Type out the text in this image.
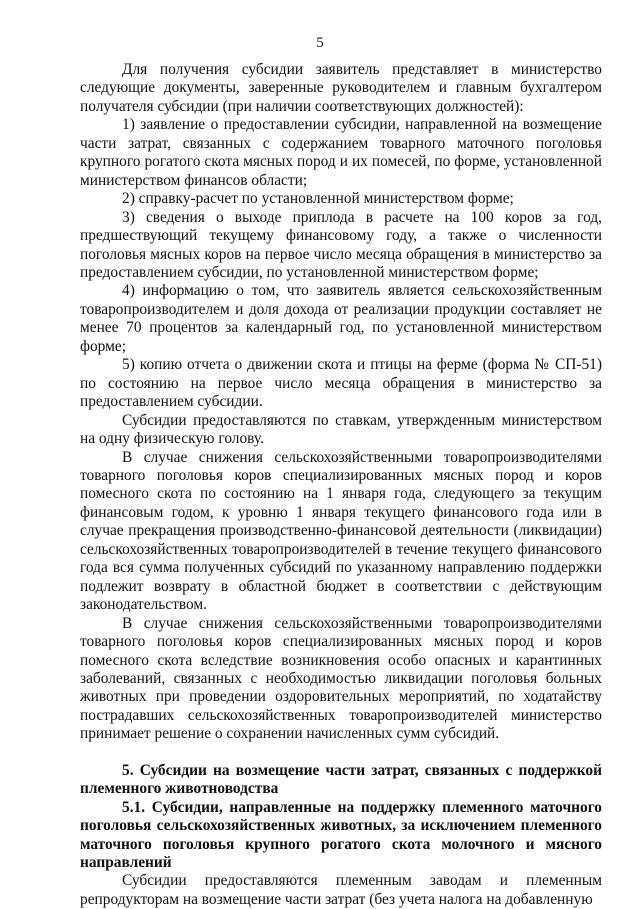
5

Для получения субсидии заявитель представляет в министерство следующие документы, заверенные руководителем и главным бухгалтером получателя субсидии (при наличии соответствующих должностей):

1) заявление о предоставлении субсидии, направленной на возмещение части затрат, связанных с содержанием товарного маточного поголовья крупного рогатого скота мясных пород и их помесей, по форме, установленной министерством финансов области;

2) справку-расчет по установленной министерством форме;

3) сведения о выходе приплода в расчете на 100 коров за год, предшествующий текущему финансовому году, а также о численности поголовья мясных коров на первое число месяца обращения в министерство за предоставлением субсидии, по установленной министерством форме;

4) информацию о том, что заявитель является сельскохозяйственным товаропроизводителем и доля дохода от реализации продукции составляет не менее 70 процентов за календарный год, по установленной министерством форме;

5) копию отчета о движении скота и птицы на ферме (форма № СП-51) по состоянию на первое число месяца обращения в министерство за предоставлением субсидии.

Субсидии предоставляются по ставкам, утвержденным министерством на одну физическую голову.

В случае снижения сельскохозяйственными товаропроизводителями товарного поголовья коров специализированных мясных пород и коров помесного скота по состоянию на 1 января года, следующего за текущим финансовым годом, к уровню 1 января текущего финансового года или в случае прекращения производственно-финансовой деятельности (ликвидации) сельскохозяйственных товаропроизводителей в течение текущего финансового года вся сумма полученных субсидий по указанному направлению поддержки подлежит возврату в областной бюджет в соответствии с действующим законодательством.

В случае снижения сельскохозяйственными товаропроизводителями товарного поголовья коров специализированных мясных пород и коров помесного скота вследствие возникновения особо опасных и карантинных заболеваний, связанных с необходимостью ликвидации поголовья больных животных при проведении оздоровительных мероприятий, по ходатайству пострадавших сельскохозяйственных товаропроизводителей министерство принимает решение о сохранении начисленных сумм субсидий.

5. Субсидии на возмещение части затрат, связанных с поддержкой племенного животноводства

5.1. Субсидии, направленные на поддержку племенного маточного поголовья сельскохозяйственных животных, за исключением племенного маточного поголовья крупного рогатого скота молочного и мясного направлений

Субсидии предоставляются племенным заводам и племенным репродукторам на возмещение части затрат (без учета налога на добавленную
